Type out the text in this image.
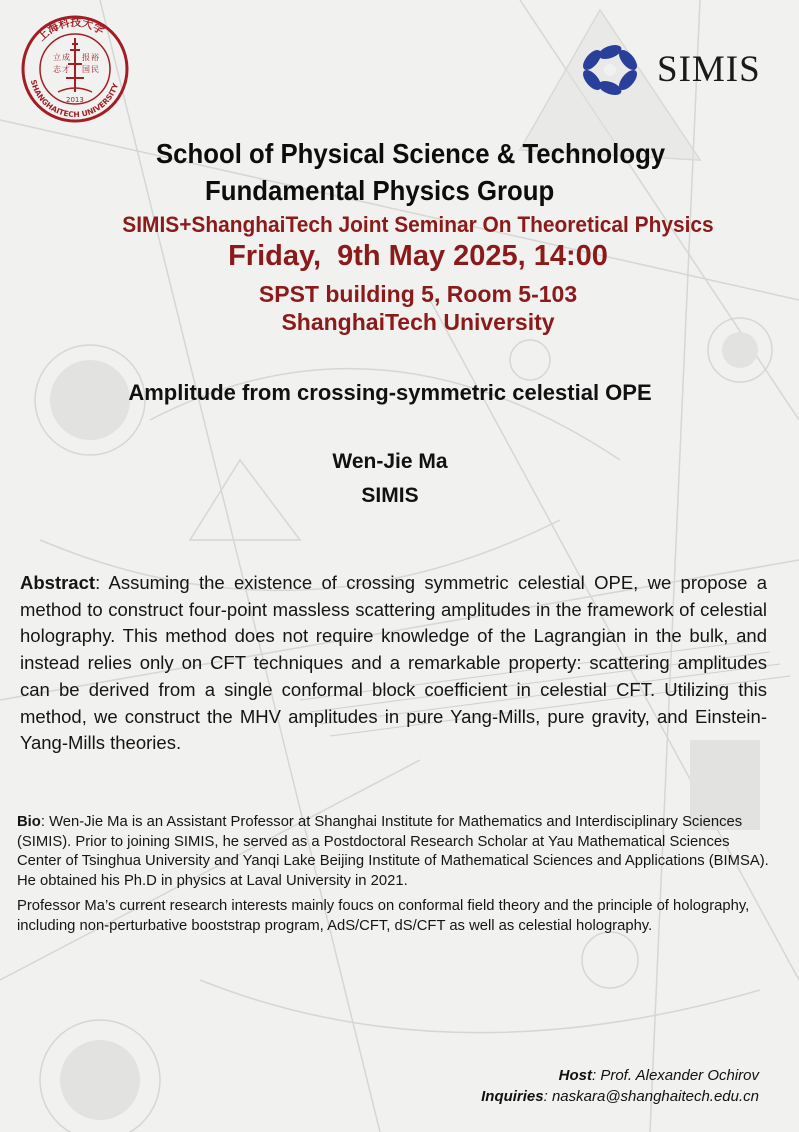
上海科技大学
SHANGHAITECH UNIVERSITY
立 成 报 裕
志 才 国 民
2013
SIMIS
School of Physical Science & Technology
Fundamental Physics Group
SIMIS+ShanghaiTech Joint Seminar On Theoretical Physics
Friday,  9th May 2025, 14:00
SPST building 5, Room 5-103
ShanghaiTech University
Amplitude from crossing-symmetric celestial OPE
Wen-Jie Ma
SIMIS
Abstract: Assuming the existence of crossing symmetric celestial OPE, we propose a method to construct four-point massless scattering amplitudes in the framework of celestial holography. This method does not require knowledge of the Lagrangian in the bulk, and instead relies only on CFT techniques and a remarkable property: scattering amplitudes can be derived from a single conformal block coefficient in celestial CFT. Utilizing this method, we construct the MHV amplitudes in pure Yang-Mills, pure gravity, and Einstein-Yang-Mills theories.

Bio: Wen-Jie Ma is an Assistant Professor at Shanghai Institute for Mathematics and Interdisciplinary Sciences (SIMIS). Prior to joining SIMIS, he served as a Postdoctoral Research Scholar at Yau Mathematical Sciences Center of Tsinghua University and Yanqi Lake Beijing Institute of Mathematical Sciences and Applications (BIMSA). He obtained his Ph.D in physics at Laval University in 2021.

Professor Ma’s current research interests mainly foucs on conformal field theory and the principle of holography, including non-perturbative booststrap program, AdS/CFT, dS/CFT as well as celestial holography.

Host: Prof. Alexander Ochirov
Inquiries: naskara@shanghaitech.edu.cn
